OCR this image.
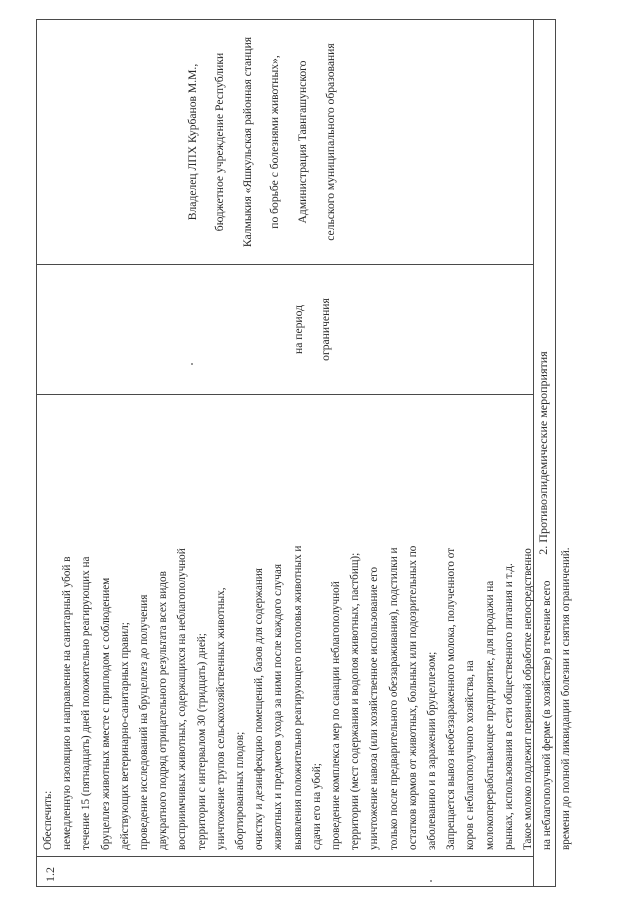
1.2

Обеспечить: немедленную изоляцию и направление на санитарный убой в течение 15 (пятнадцать) дней положительно реагирующих на бруцеллез животных вместе с приплодом с соблюдением действующих ветеринарно-санитарных правил; проведение исследований на бруцеллез до получения двукратного подряд отрицательного результата всех видов восприимчивых животных, содержащихся на неблагополучной территории с интервалом 30 (тридцать) дней; уничтожение трупов сельскохозяйственных животных, абортированных плодов; очистку и дезинфекцию помещений, базов для содержания животных и предметов ухода за ними после каждого случая выявления положительно реагирующего поголовья животных и сдачи его на убой; проведение комплекса мер по санации неблагополучной территории (мест содержания и водопоя животных, пастбищ); уничтожение навоза (или хозяйственное использование его только после предварительного обеззараживания), подстилки и остатков кормов от животных, больных или подозрительных по заболеванию и в заражении бруцеллезом; Запрещается вывоз необеззараженного молока, полученного от коров с неблагополучного хозяйства, на молокоперерабатывающее предприятие, для продажи на рынках, использования в сети общественного питания и т.д. Такое молоко подлежит первичной обработке непосредственно на неблагополучной ферме (в хозяйстве) в течение всего времени до полной ликвидации болезни и снятия ограничений.

на период ограничения

Владелец ЛПХ Курбанов М.М., бюджетное учреждение Республики Калмыкия «Яшкульская районная станция по борьбе с болезнями животных», Администрация Тавнгашунского сельского муниципального образования

2. Противоэпидемические мероприятия
